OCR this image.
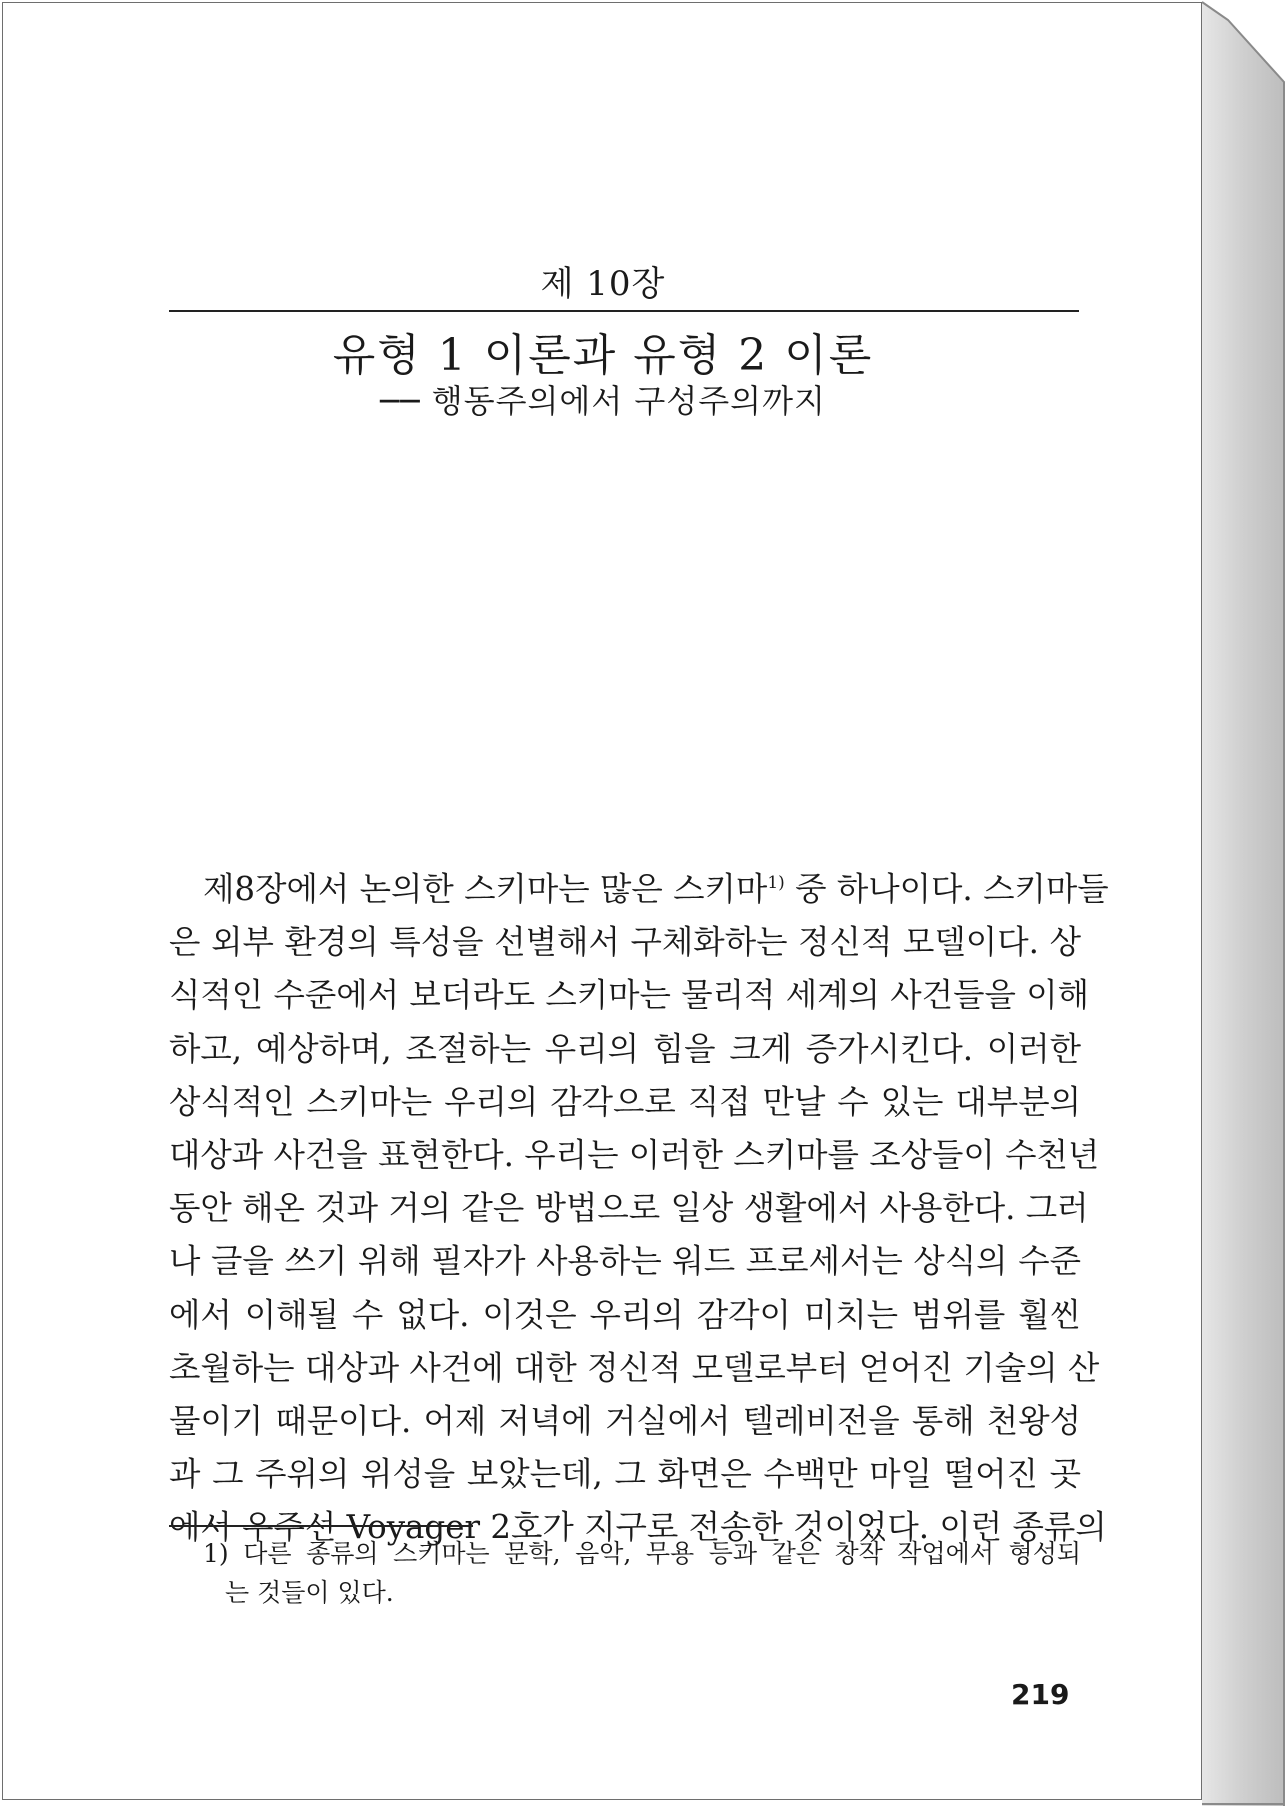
제 10장
유형 1 이론과 유형 2 이론
── 행동주의에서 구성주의까지
제8장에서 논의한 스키마는 많은 스키마$^{1)}$ 중 하나이다. 스키마들
은 외부 환경의 특성을 선별해서 구체화하는 정신적 모델이다. 상
식적인 수준에서 보더라도 스키마는 물리적 세계의 사건들을 이해
하고, 예상하며, 조절하는 우리의 힘을 크게 증가시킨다. 이러한
상식적인 스키마는 우리의 감각으로 직접 만날 수 있는 대부분의
대상과 사건을 표현한다. 우리는 이러한 스키마를 조상들이 수천년
동안 해온 것과 거의 같은 방법으로 일상 생활에서 사용한다. 그러
나 글을 쓰기 위해 필자가 사용하는 워드 프로세서는 상식의 수준
에서 이해될 수 없다. 이것은 우리의 감각이 미치는 범위를 훨씬
초월하는 대상과 사건에 대한 정신적 모델로부터 얻어진 기술의 산
물이기 때문이다. 어제 저녁에 거실에서 텔레비전을 통해 천왕성
과 그 주위의 위성을 보았는데, 그 화면은 수백만 마일 떨어진 곳
에서 우주선 Voyager 2호가 지구로 전송한 것이었다. 이런 종류의
1) 다른 종류의 스키마는 문학, 음악, 무용 등과 같은 창작 작업에서 형성되
는 것들이 있다.
219
